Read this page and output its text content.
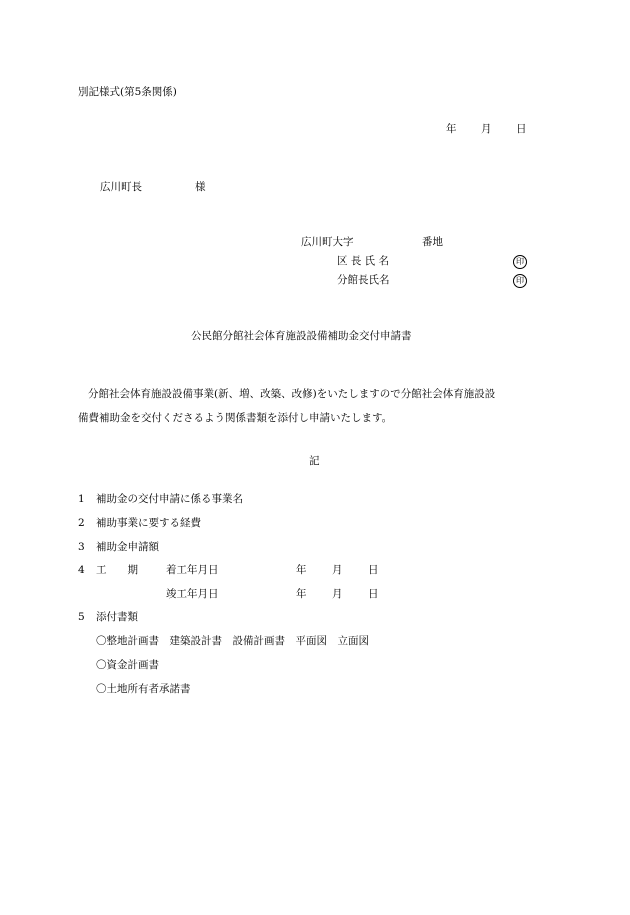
別記様式(第5条関係)
年 月 日
広川町長	様
広川町大字	番地
区 長 氏 名	印
分館長氏名	印
公民館分館社会体育施設設備補助金交付申請書
分館社会体育施設設備事業(新、増、改築、改修)をいたしますので分館社会体育施設設
備費補助金を交付くださるよう関係書類を添付し申請いたします。
記
1 補助金の交付申請に係る事業名
2 補助事業に要する経費
3 補助金申請額
4 工　　期	着工年月日	年 月 日
竣工年月日	年 月 日
5 添付書類
〇整地計画書　建築設計書　設備計画書　平面図　立面図
〇資金計画書
〇土地所有者承諾書
